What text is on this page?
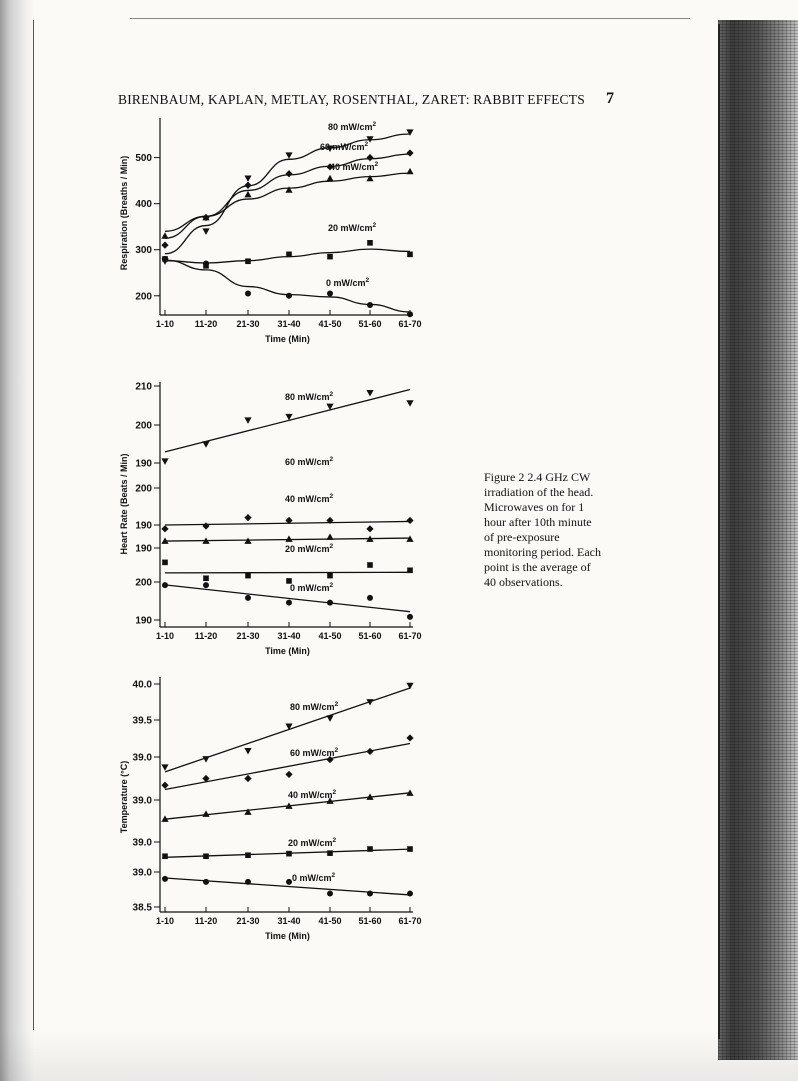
BIRENBAUM, KAPLAN, METLAY, ROSENTHAL, ZARET: RABBIT EFFECTS 7
1-10 11-20 21-30 31-40 41-50 51-60 61-70
Time (Min)
Respiration (Breaths / Min)
200
300
400
500
80 $mW/cm^2$
60 $mW/cm^2$
40 $mW/cm^2$
20 $mW/cm^2$
0 $mW/cm^2$
1-10 11-20 21-30 31-40 41-50 51-60 61-70
Time (Min)
Heart Rate (Beats / Min)
210
200
190
200
190
190
200
190
80 $mW/cm^2$
60 $mW/cm^2$
40 $mW/cm^2$
20 $mW/cm^2$
0 $mW/cm^2$
1-10 11-20 21-30 31-40 41-50 51-60 61-70
Time (Min)
Temperature (°C)
40.0
39.5
39.0
39.0
39.0
39.0
38.5
80 $mW/cm^2$
60 $mW/cm^2$
40 $mW/cm^2$
20 $mW/cm^2$
0 $mW/cm^2$
Figure 2 2.4 GHz CW
irradiation of the head.
Microwaves on for 1
hour after 10th minute
of pre-exposure
monitoring period. Each
point is the average of
40 observations.
